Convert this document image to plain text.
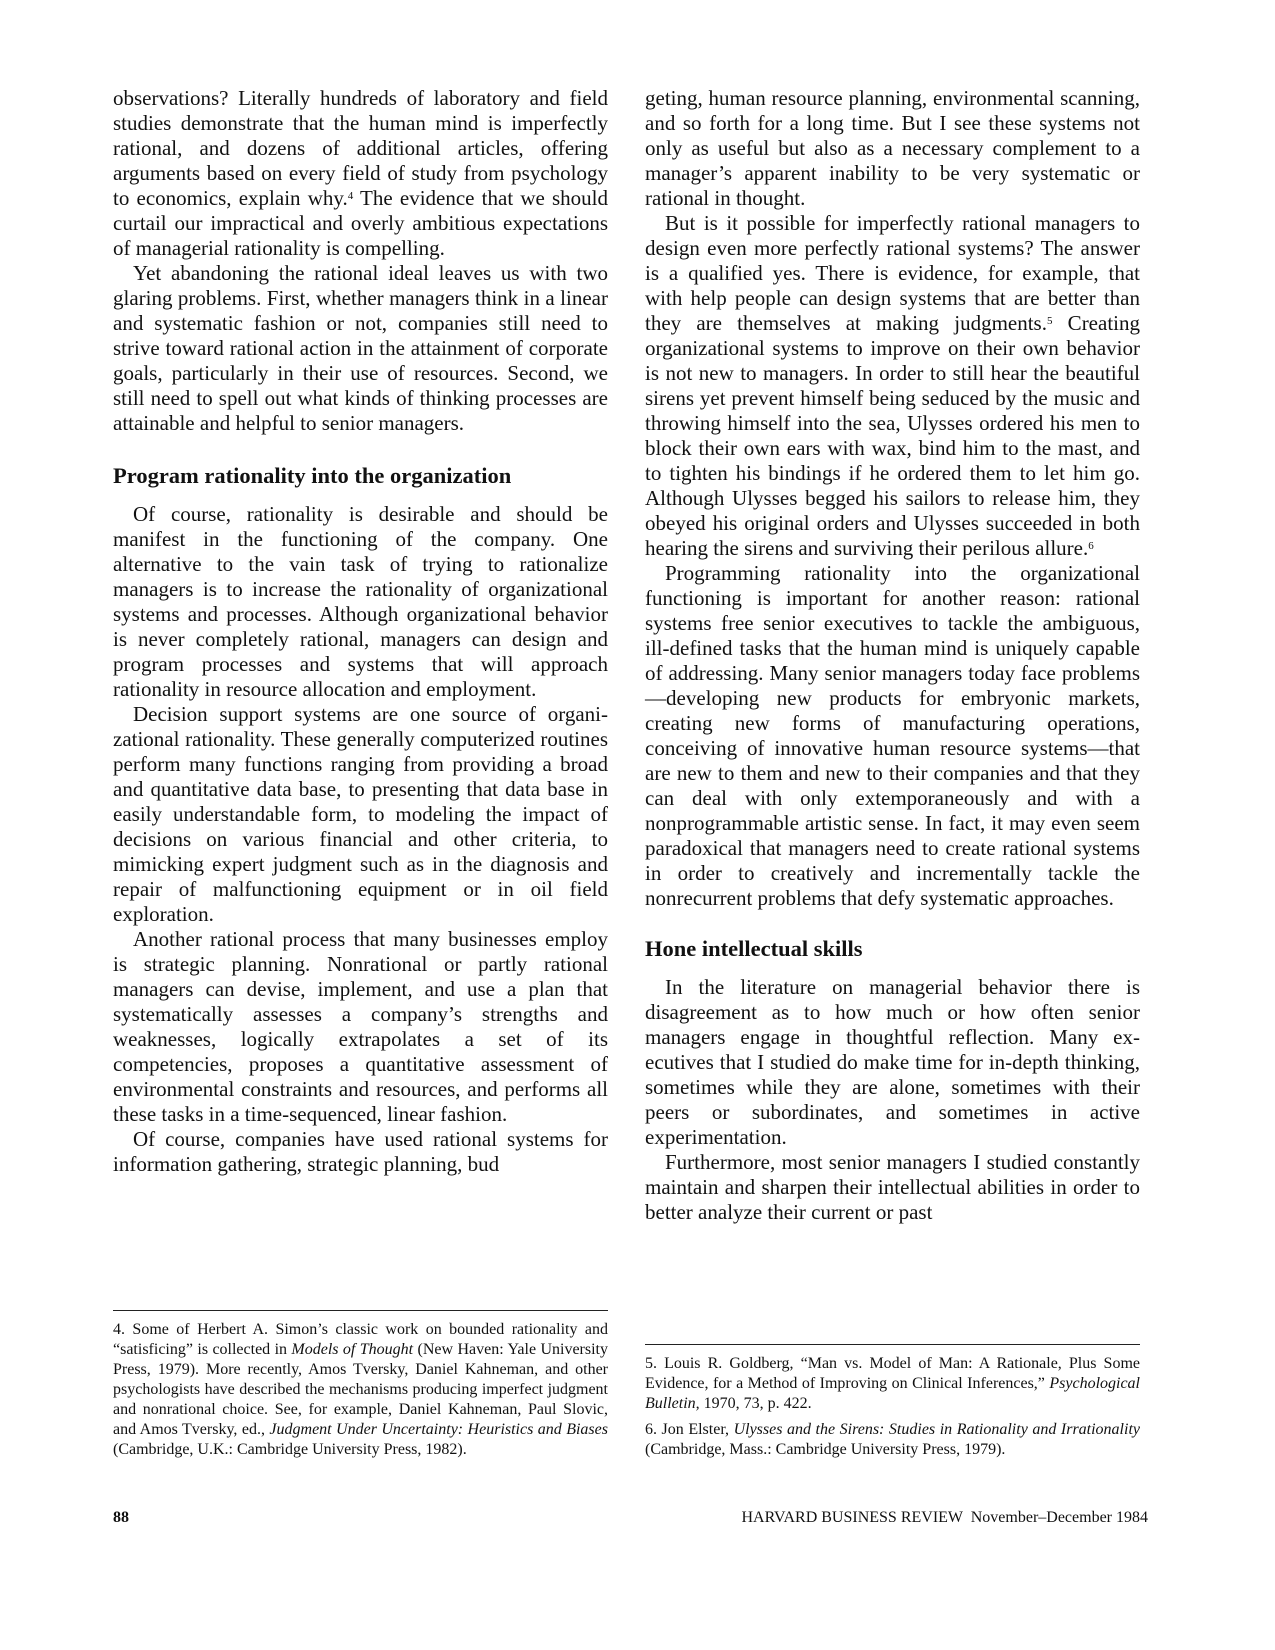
observations? Literally hundreds of laboratory and field studies demonstrate that the human mind is imperfectly rational, and dozens of additional articles, offering arguments based on every field of study from psychology to economics, explain why.$^4$ The evidence that we should curtail our impractical and overly ambitious expectations of managerial rationality is compelling.

Yet abandoning the rational ideal leaves us with two glaring problems. First, whether managers think in a linear and systematic fashion or not, companies still need to strive toward rational action in the attainment of corporate goals, particularly in their use of resources. Second, we still need to spell out what kinds of thinking processes are attainable and helpful to senior managers.

Program rationality into the organization

Of course, rationality is desirable and should be manifest in the functioning of the company. One alternative to the vain task of trying to rationalize managers is to increase the rationality of organizational systems and processes. Although organizational behavior is never completely rational, managers can design and program processes and systems that will approach rationality in resource allocation and employment.

Decision support systems are one source of organizational rationality. These generally computerized routines perform many functions ranging from providing a broad and quantitative data base, to presenting that data base in easily understandable form, to modeling the impact of decisions on various financial and other criteria, to mimicking expert judgment such as in the diagnosis and repair of malfunctioning equipment or in oil field exploration.

Another rational process that many businesses employ is strategic planning. Nonrational or partly rational managers can devise, implement, and use a plan that systematically assesses a company’s strengths and weaknesses, logically extrapolates a set of its competencies, proposes a quantitative assessment of environmental constraints and resources, and performs all these tasks in a time-sequenced, linear fashion.

Of course, companies have used rational systems for information gathering, strategic planning, bud

geting, human resource planning, environmental scanning, and so forth for a long time. But I see these systems not only as useful but also as a necessary complement to a manager’s apparent inability to be very systematic or rational in thought.

But is it possible for imperfectly rational managers to design even more perfectly rational systems? The answer is a qualified yes. There is evidence, for example, that with help people can design systems that are better than they are themselves at making judgments.$^5$ Creating organizational systems to improve on their own behavior is not new to managers. In order to still hear the beautiful sirens yet prevent himself being seduced by the music and throwing himself into the sea, Ulysses ordered his men to block their own ears with wax, bind him to the mast, and to tighten his bindings if he ordered them to let him go. Although Ulysses begged his sailors to release him, they obeyed his original orders and Ulysses succeeded in both hearing the sirens and surviving their perilous allure.$^6$

Programming rationality into the organizational functioning is important for another reason: rational systems free senior executives to tackle the ambiguous, ill-defined tasks that the human mind is uniquely capable of addressing. Many senior managers today face problems—developing new products for embryonic markets, creating new forms of manufacturing operations, conceiving of innovative human resource systems—that are new to them and new to their companies and that they can deal with only extemporaneously and with a nonprogrammable artistic sense. In fact, it may even seem paradoxical that managers need to create rational systems in order to creatively and incrementally tackle the nonrecurrent problems that defy systematic approaches.

Hone intellectual skills

In the literature on managerial behavior there is disagreement as to how much or how often senior managers engage in thoughtful reflection. Many executives that I studied do make time for in-depth thinking, sometimes while they are alone, sometimes with their peers or subordinates, and sometimes in active experimentation.

Furthermore, most senior managers I studied constantly maintain and sharpen their intellectual abilities in order to better analyze their current or past

4. Some of Herbert A. Simon’s classic work on bounded rationality and “satisficing” is collected in Models of Thought (New Haven: Yale University Press, 1979). More recently, Amos Tversky, Daniel Kahneman, and other psychologists have described the mechanisms producing imperfect judgment and nonrational choice. See, for example, Daniel Kahneman, Paul Slovic, and Amos Tversky, ed., Judgment Under Uncertainty: Heuristics and Biases (Cambridge, U.K.: Cambridge University Press, 1982).

5. Louis R. Goldberg, “Man vs. Model of Man: A Rationale, Plus Some Evidence, for a Method of Improving on Clinical Inferences,” Psychological Bulletin, 1970, 73, p. 422.

6. Jon Elster, Ulysses and the Sirens: Studies in Rationality and Irrationality (Cambridge, Mass.: Cambridge University Press, 1979).

88	HARVARD BUSINESS REVIEW  November–December 1984
